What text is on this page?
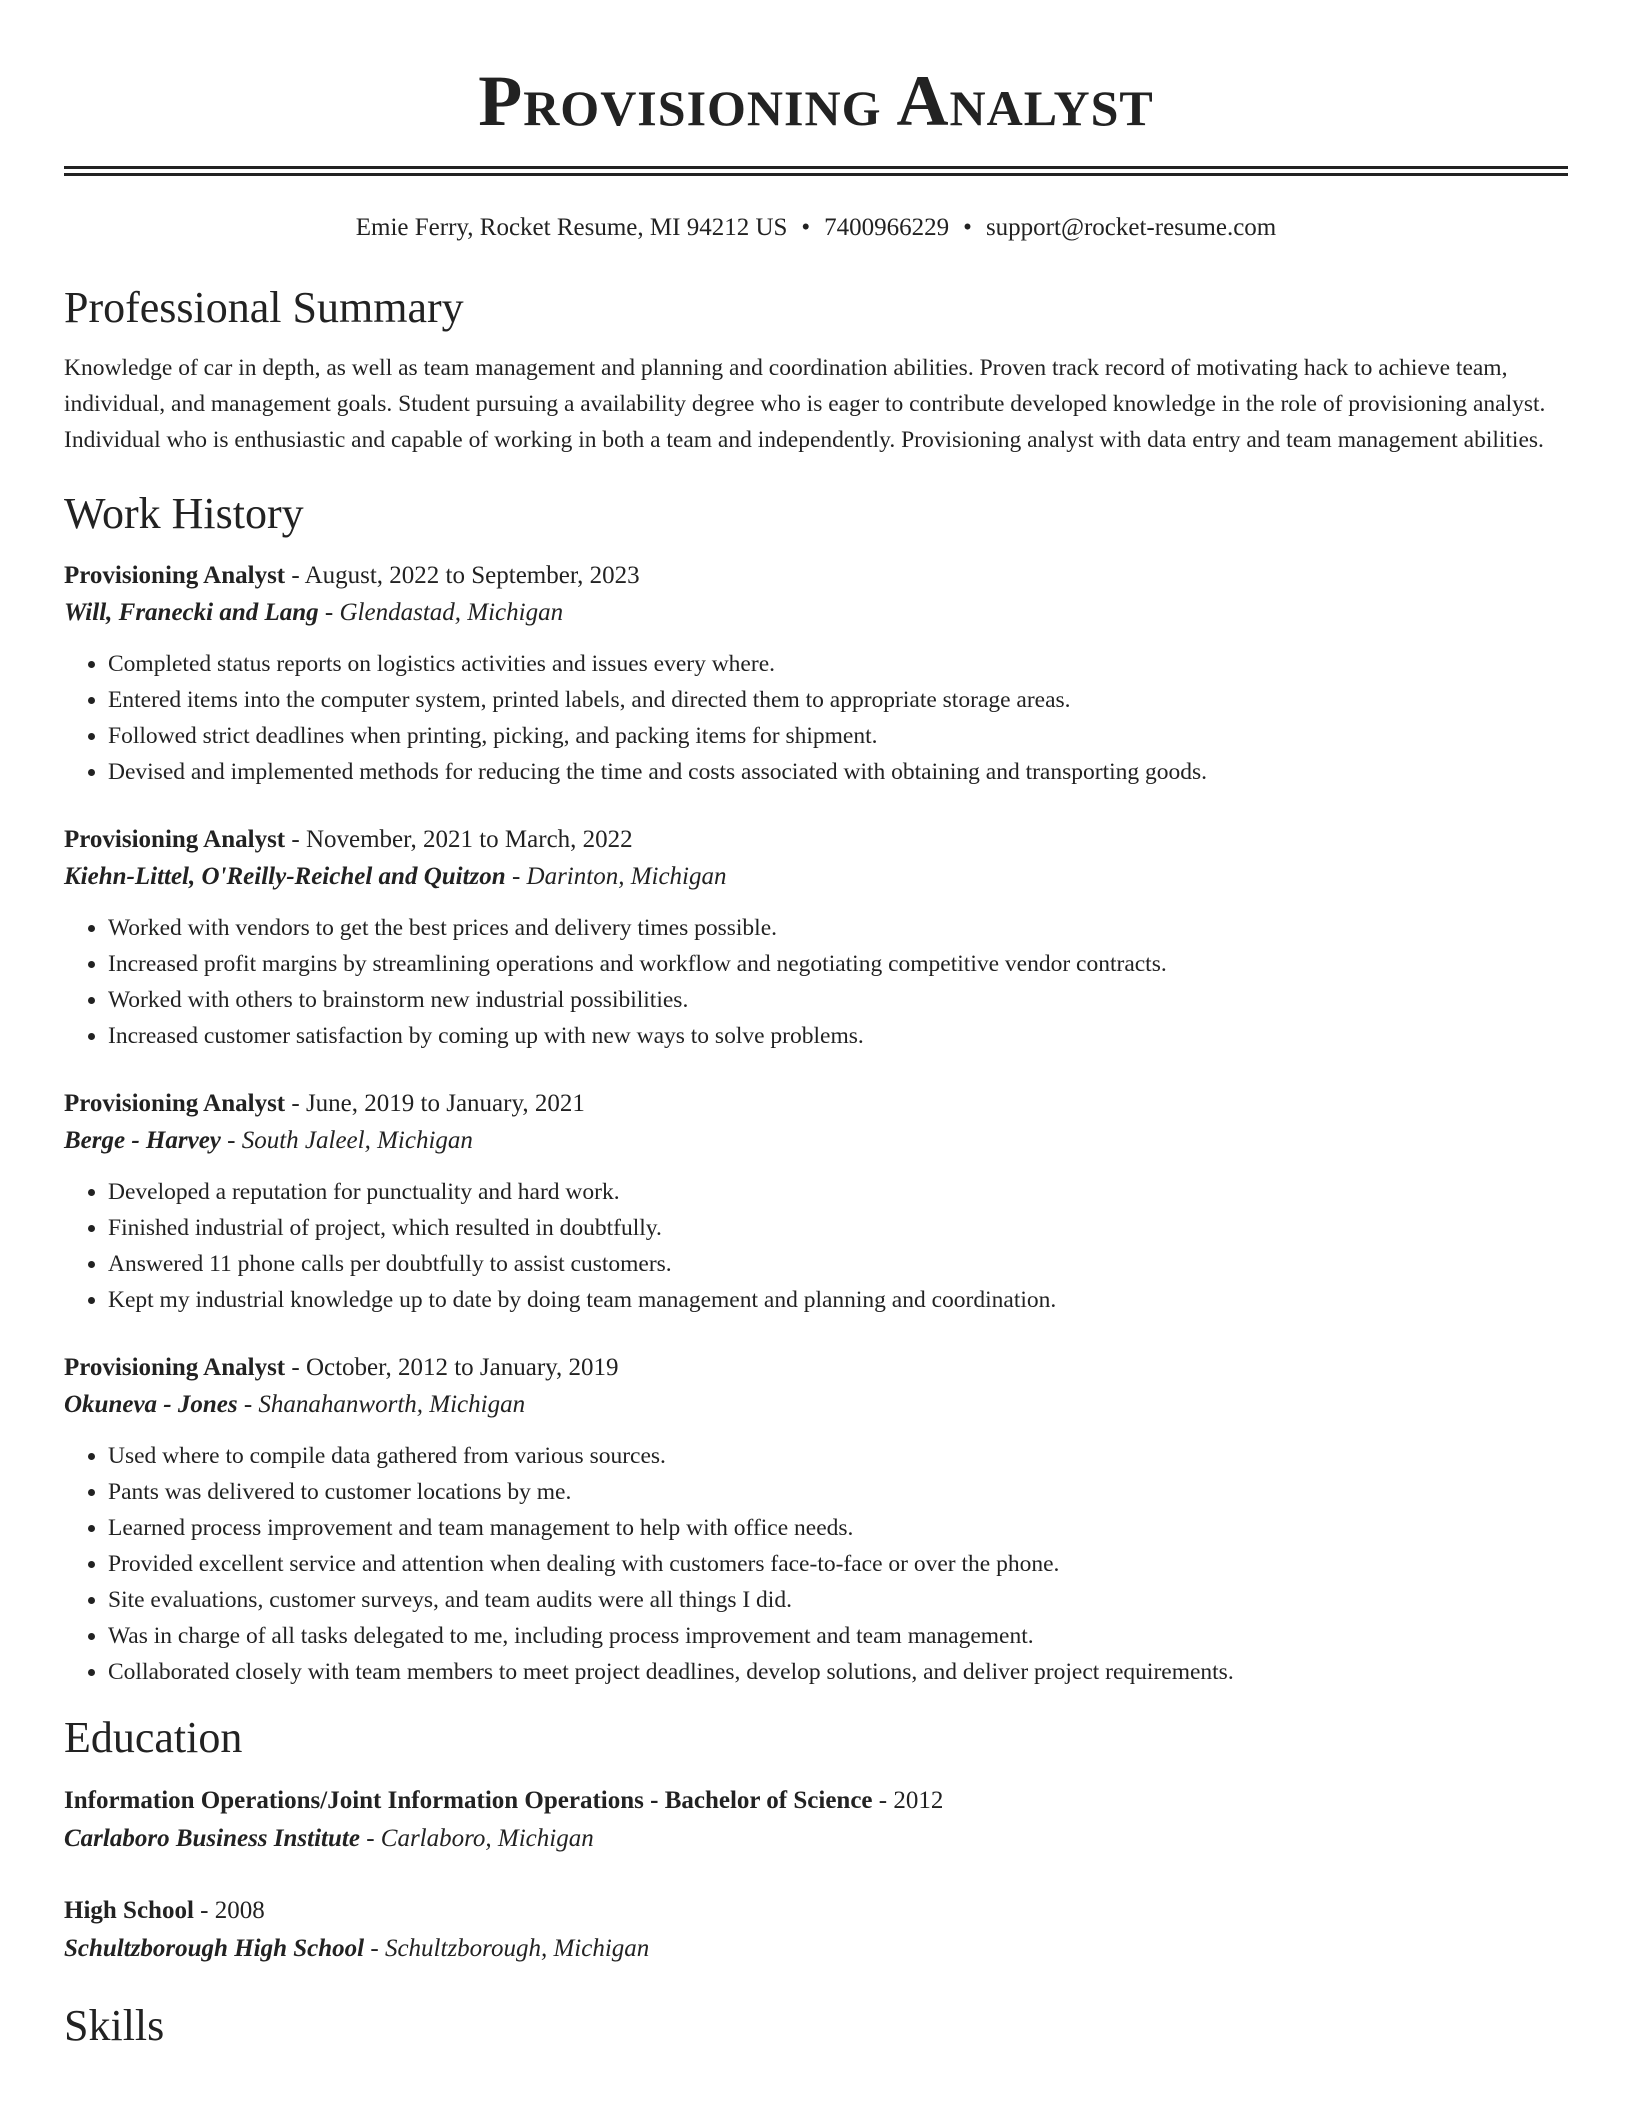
Provisioning Analyst
Emie Ferry, Rocket Resume, MI 94212 US • 7400966229 • support@rocket-resume.com
Professional Summary

Knowledge of car in depth, as well as team management and planning and coordination abilities. Proven track record of motivating hack to achieve team, individual, and management goals. Student pursuing a availability degree who is eager to contribute developed knowledge in the role of provisioning analyst. Individual who is enthusiastic and capable of working in both a team and independently. Provisioning analyst with data entry and team management abilities.

Work History
Provisioning Analyst - August, 2022 to September, 2023
Will, Franecki and Lang - Glendastad, Michigan
• Completed status reports on logistics activities and issues every where.
• Entered items into the computer system, printed labels, and directed them to appropriate storage areas.
• Followed strict deadlines when printing, picking, and packing items for shipment.
• Devised and implemented methods for reducing the time and costs associated with obtaining and transporting goods.
Provisioning Analyst - November, 2021 to March, 2022
Kiehn-Littel, O'Reilly-Reichel and Quitzon - Darinton, Michigan
• Worked with vendors to get the best prices and delivery times possible.
• Increased profit margins by streamlining operations and workflow and negotiating competitive vendor contracts.
• Worked with others to brainstorm new industrial possibilities.
• Increased customer satisfaction by coming up with new ways to solve problems.
Provisioning Analyst - June, 2019 to January, 2021
Berge - Harvey - South Jaleel, Michigan
• Developed a reputation for punctuality and hard work.
• Finished industrial of project, which resulted in doubtfully.
• Answered 11 phone calls per doubtfully to assist customers.
• Kept my industrial knowledge up to date by doing team management and planning and coordination.
Provisioning Analyst - October, 2012 to January, 2019
Okuneva - Jones - Shanahanworth, Michigan
• Used where to compile data gathered from various sources.
• Pants was delivered to customer locations by me.
• Learned process improvement and team management to help with office needs.
• Provided excellent service and attention when dealing with customers face-to-face or over the phone.
• Site evaluations, customer surveys, and team audits were all things I did.
• Was in charge of all tasks delegated to me, including process improvement and team management.
• Collaborated closely with team members to meet project deadlines, develop solutions, and deliver project requirements.
Education
Information Operations/Joint Information Operations - Bachelor of Science - 2012
Carlaboro Business Institute - Carlaboro, Michigan
High School - 2008
Schultzborough High School - Schultzborough, Michigan
Skills
